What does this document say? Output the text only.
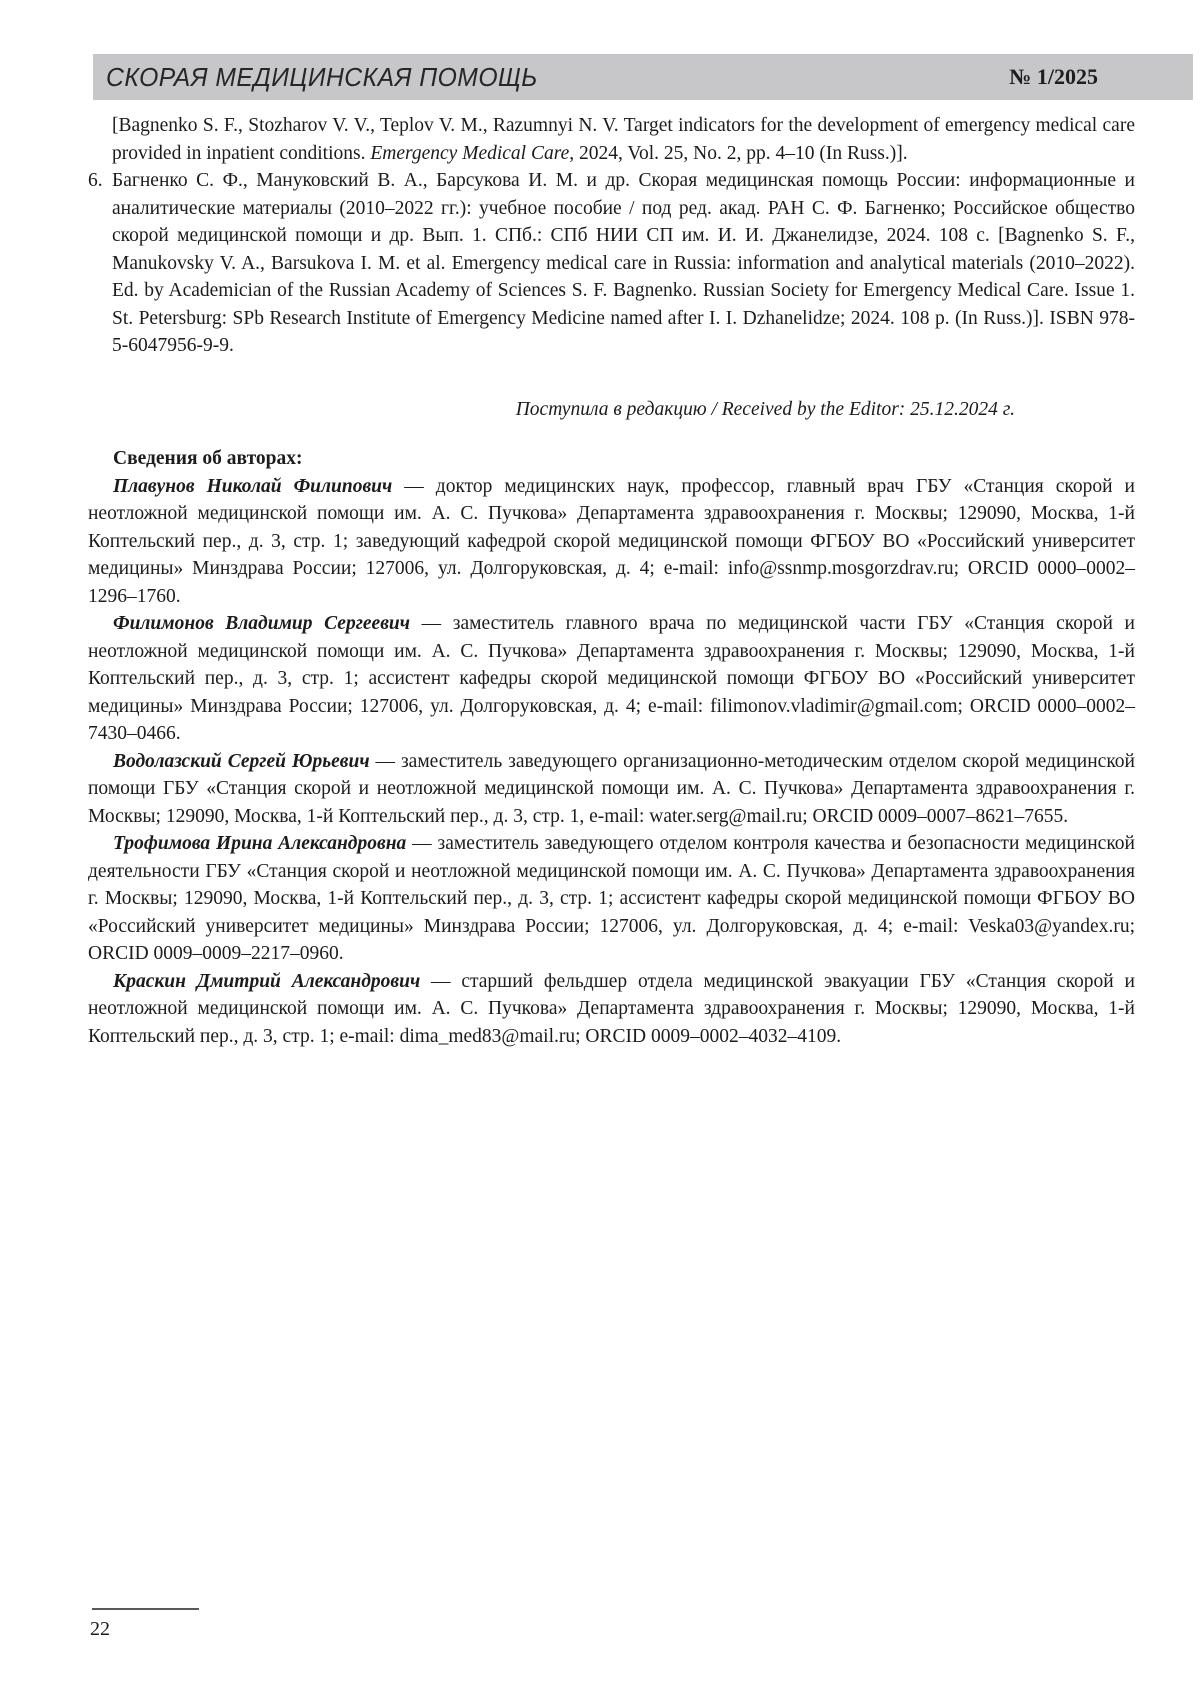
СКОРАЯ МЕДИЦИНСКАЯ ПОМОЩЬ	№ 1/2025

[Bagnenko S. F., Stozharov V. V., Teplov V. M., Razumnyi N. V. Target indicators for the development of emergency medical care provided in inpatient conditions. Emergency Medical Care, 2024, Vol. 25, No. 2, pp. 4–10 (In Russ.)].

6. Багненко С. Ф., Мануковский В. А., Барсукова И. М. и др. Скорая медицинская помощь России: информационные и аналитические материалы (2010–2022 гг.): учебное пособие / под ред. акад. РАН С. Ф. Багненко; Российское общество скорой медицинской помощи и др. Вып. 1. СПб.: СПб НИИ СП им. И. И. Джанелидзе, 2024. 108 с. [Bagnenko S. F., Manukovsky V. A., Barsukova I. M. et al. Emergency medical care in Russia: information and analytical materials (2010–2022). Ed. by Academician of the Russian Academy of Sciences S. F. Bagnenko. Russian Society for Emergency Medical Care. Issue 1. St. Petersburg: SPb Research Institute of Emergency Medicine named after I. I. Dzhanelidze; 2024. 108 p. (In Russ.)]. ISBN 978-5-6047956-9-9.

Поступила в редакцию / Received by the Editor: 25.12.2024 г.

Сведения об авторах:

Плавунов Николай Филипович — доктор медицинских наук, профессор, главный врач ГБУ «Станция скорой и неотложной медицинской помощи им. А. С. Пучкова» Департамента здравоохранения г. Москвы; 129090, Москва, 1-й Коптельский пер., д. 3, стр. 1; заведующий кафедрой скорой медицинской помощи ФГБОУ ВО «Российский университет медицины» Минздрава России; 127006, ул. Долгоруковская, д. 4; e-mail: info@ssnmp.mosgorzdrav.ru; ORCID 0000–0002–1296–1760.

Филимонов Владимир Сергеевич — заместитель главного врача по медицинской части ГБУ «Станция скорой и неотложной медицинской помощи им. А. С. Пучкова» Департамента здравоохранения г. Москвы; 129090, Москва, 1-й Коптельский пер., д. 3, стр. 1; ассистент кафедры скорой медицинской помощи ФГБОУ ВО «Российский университет медицины» Минздрава России; 127006, ул. Долгоруковская, д. 4; e-mail: filimonov.vladimir@gmail.com; ORCID 0000–0002–7430–0466.

Водолазский Сергей Юрьевич — заместитель заведующего организационно-методическим отделом скорой медицинской помощи ГБУ «Станция скорой и неотложной медицинской помощи им. А. С. Пучкова» Департамента здравоохранения г. Москвы; 129090, Москва, 1-й Коптельский пер., д. 3, стр. 1, e-mail: water.serg@mail.ru; ORCID 0009–0007–8621–7655.

Трофимова Ирина Александровна — заместитель заведующего отделом контроля качества и безопасности медицинской деятельности ГБУ «Станция скорой и неотложной медицинской помощи им. А. С. Пучкова» Департамента здравоохранения г. Москвы; 129090, Москва, 1-й Коптельский пер., д. 3, стр. 1; ассистент кафедры скорой медицинской помощи ФГБОУ ВО «Российский университет медицины» Минздрава России; 127006, ул. Долгоруковская, д. 4; e-mail: Veska03@yandex.ru; ORCID 0009–0009–2217–0960.

Краскин Дмитрий Александрович — старший фельдшер отдела медицинской эвакуации ГБУ «Станция скорой и неотложной медицинской помощи им. А. С. Пучкова» Департамента здравоохранения г. Москвы; 129090, Москва, 1-й Коптельский пер., д. 3, стр. 1; e-mail: dima_med83@mail.ru; ORCID 0009–0002–4032–4109.

22
